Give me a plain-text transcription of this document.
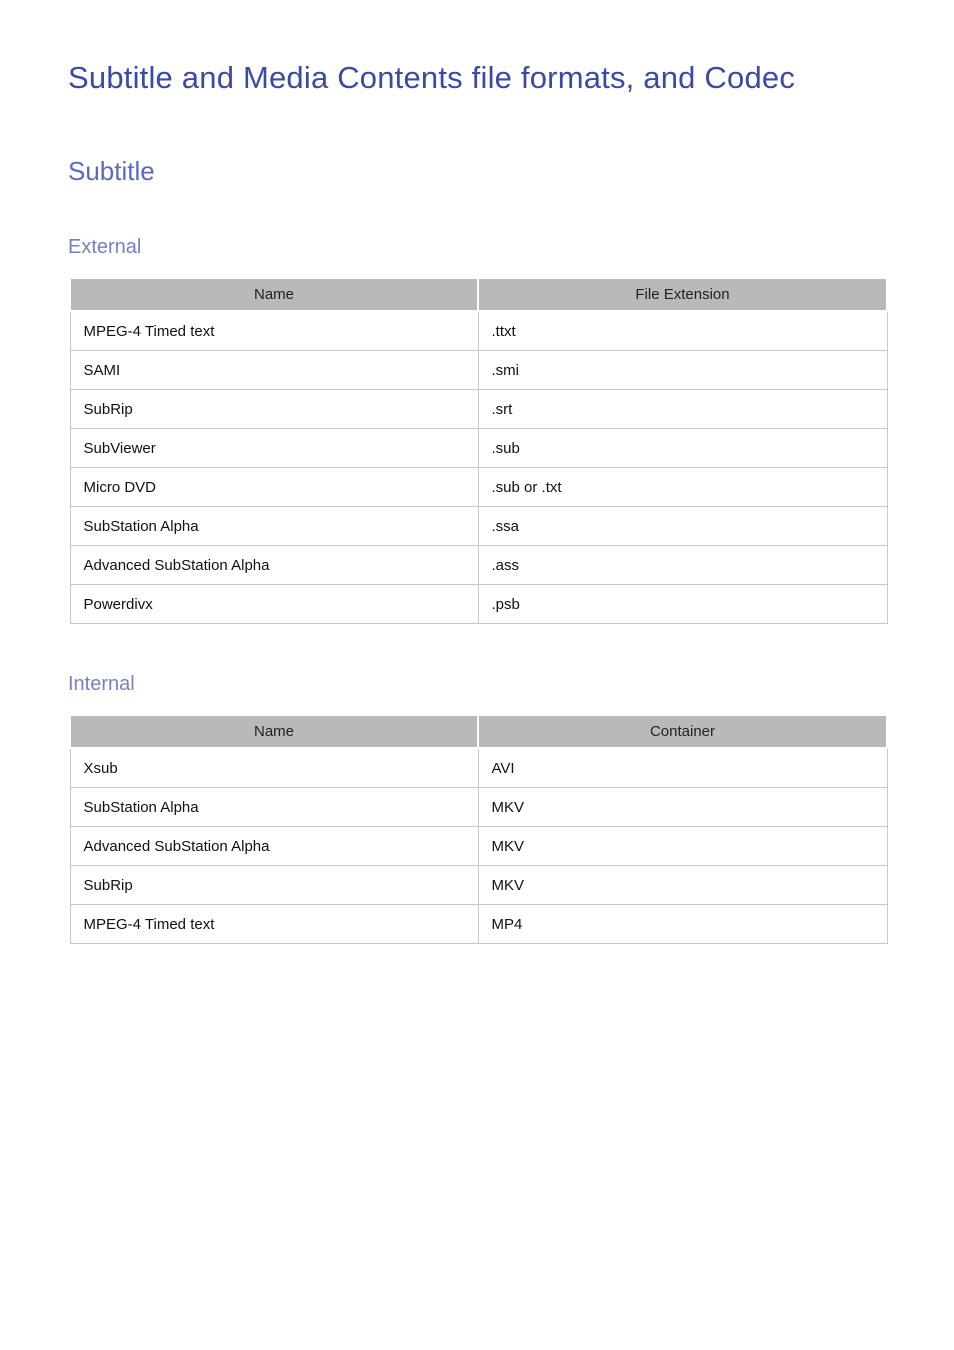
Subtitle and Media Contents file formats, and Codec
Subtitle
External
Name	File Extension
MPEG-4 Timed text	.ttxt
SAMI	.smi
SubRip	.srt
SubViewer	.sub
Micro DVD	.sub or .txt
SubStation Alpha	.ssa
Advanced SubStation Alpha	.ass
Powerdivx	.psb
Internal
Name	Container
Xsub	AVI
SubStation Alpha	MKV
Advanced SubStation Alpha	MKV
SubRip	MKV
MPEG-4 Timed text	MP4
